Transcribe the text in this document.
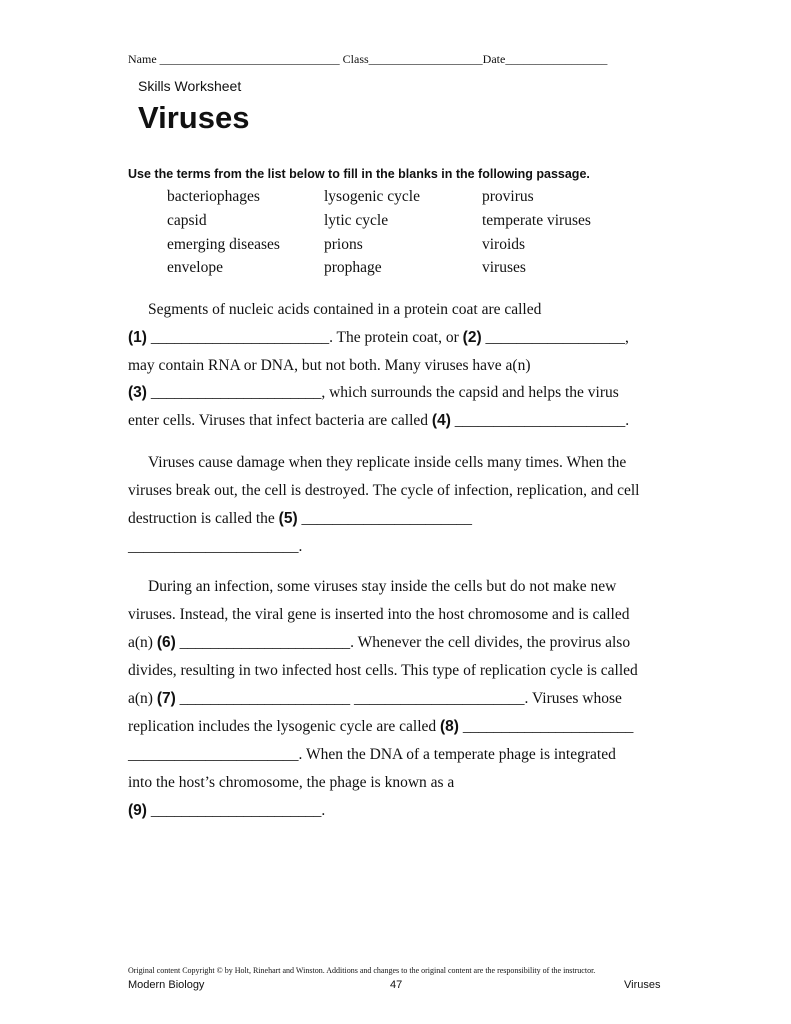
Name ______________________________ Class___________________Date_________________
Skills Worksheet
Viruses
Use the terms from the list below to fill in the blanks in the following passage.
bacteriophages	lysogenic cycle	provirus
capsid	lytic cycle	temperate viruses
emerging diseases	prions	viroids
envelope	prophage	viruses
Segments of nucleic acids contained in a protein coat are called
(1) _______________________. The protein coat, or (2) __________________,
may contain RNA or DNA, but not both. Many viruses have a(n)
(3) ______________________, which surrounds the capsid and helps the virus
enter cells. Viruses that infect bacteria are called (4) ______________________.
Viruses cause damage when they replicate inside cells many times. When the
viruses break out, the cell is destroyed. The cycle of infection, replication, and cell
destruction is called the (5) ______________________
______________________.
During an infection, some viruses stay inside the cells but do not make new
viruses. Instead, the viral gene is inserted into the host chromosome and is called
a(n) (6) ______________________. Whenever the cell divides, the provirus also
divides, resulting in two infected host cells. This type of replication cycle is called
a(n) (7) ______________________ ______________________. Viruses whose
replication includes the lysogenic cycle are called (8) ______________________
______________________. When the DNA of a temperate phage is integrated
into the host’s chromosome, the phage is known as a
(9) ______________________.
Original content Copyright © by Holt, Rinehart and Winston. Additions and changes to the original content are the responsibility of the instructor.
Modern Biology	47	Viruses
